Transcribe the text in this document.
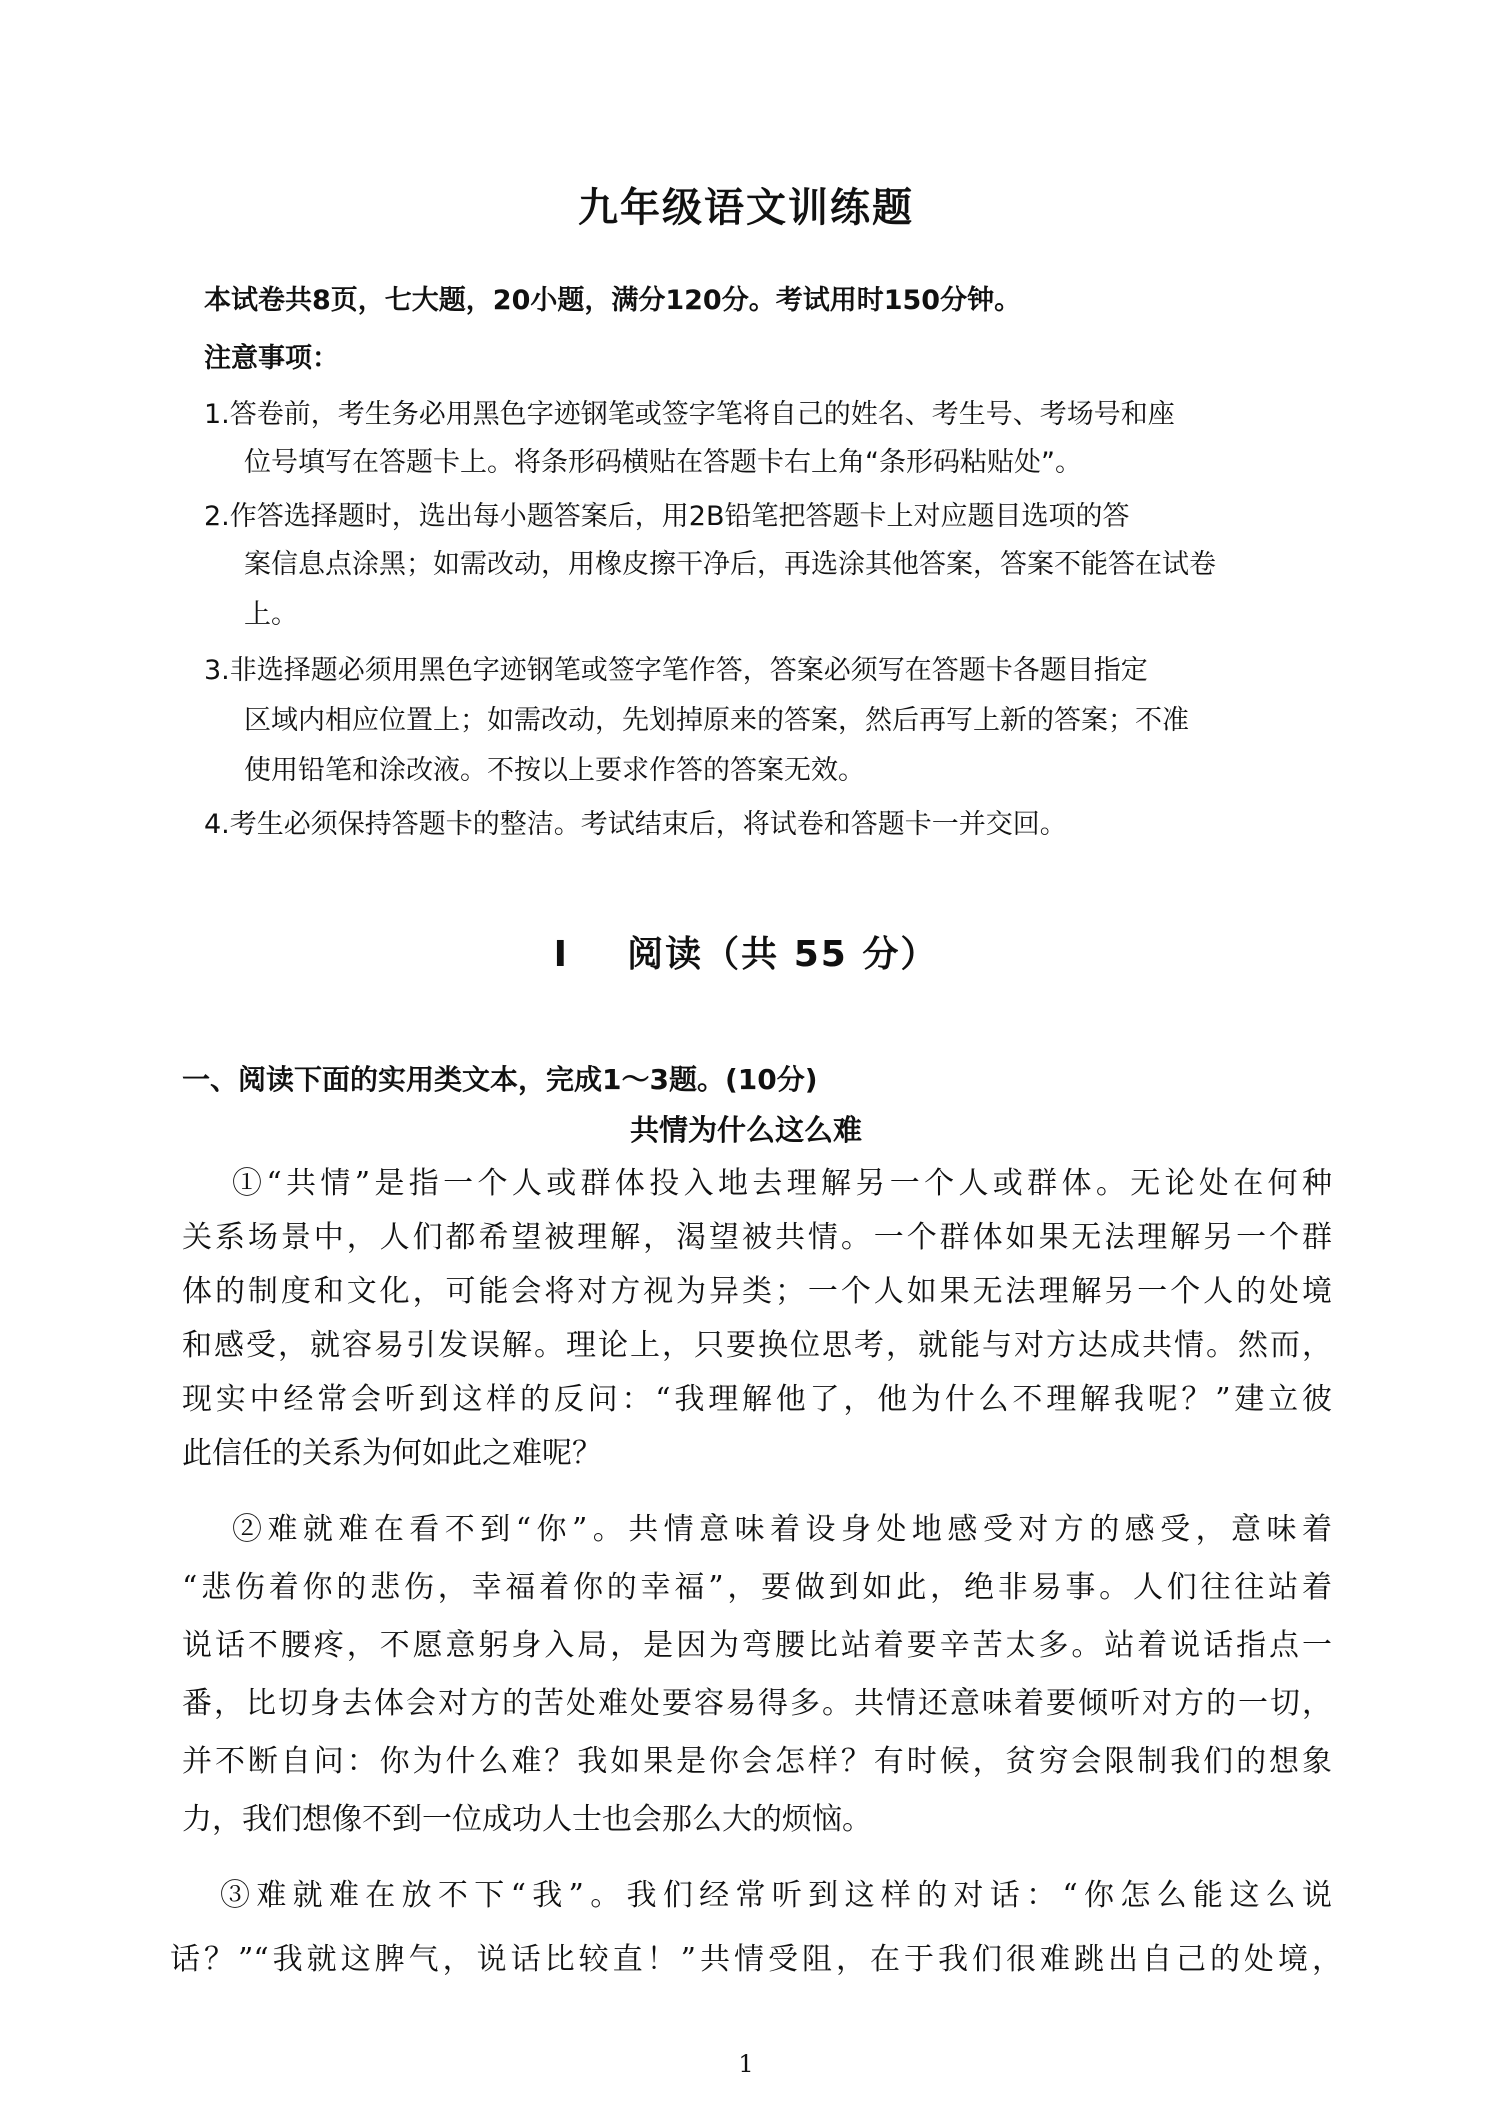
九年级语文训练题
本试卷共8页，七大题，20小题，满分120分。考试用时150分钟。
注意事项：
1.答卷前，考生务必用黑色字迹钢笔或签字笔将自己的姓名、考生号、考场号和座
位号填写在答题卡上。将条形码横贴在答题卡右上角“条形码粘贴处”。
2.作答选择题时，选出每小题答案后，用2B铅笔把答题卡上对应题目选项的答
案信息点涂黑；如需改动，用橡皮擦干净后，再选涂其他答案，答案不能答在试卷
上。
3.非选择题必须用黑色字迹钢笔或签字笔作答，答案必须写在答题卡各题目指定
区域内相应位置上；如需改动，先划掉原来的答案，然后再写上新的答案；不准
使用铅笔和涂改液。不按以上要求作答的答案无效。
4.考生必须保持答题卡的整洁。考试结束后，将试卷和答题卡一并交回。
I    阅读（共 55 分）
一、阅读下面的实用类文本，完成1～3题。(10分)
共情为什么这么难
①“共情”是指一个人或群体投入地去理解另一个人或群体。无论处在何种
关系场景中，人们都希望被理解，渴望被共情。一个群体如果无法理解另一个群
体的制度和文化，可能会将对方视为异类；一个人如果无法理解另一个人的处境
和感受，就容易引发误解。理论上，只要换位思考，就能与对方达成共情。然而，
现实中经常会听到这样的反问：“我理解他了，他为什么不理解我呢？”建立彼
此信任的关系为何如此之难呢？
②难就难在看不到“你”。共情意味着设身处地感受对方的感受，意味着
“悲伤着你的悲伤，幸福着你的幸福”，要做到如此，绝非易事。人们往往站着
说话不腰疼，不愿意躬身入局，是因为弯腰比站着要辛苦太多。站着说话指点一
番，比切身去体会对方的苦处难处要容易得多。共情还意味着要倾听对方的一切，
并不断自问：你为什么难？我如果是你会怎样？有时候，贫穷会限制我们的想象
力，我们想像不到一位成功人士也会那么大的烦恼。
③难就难在放不下“我”。我们经常听到这样的对话：“你怎么能这么说
话？”“我就这脾气，说话比较直！”共情受阻，在于我们很难跳出自己的处境，
1
